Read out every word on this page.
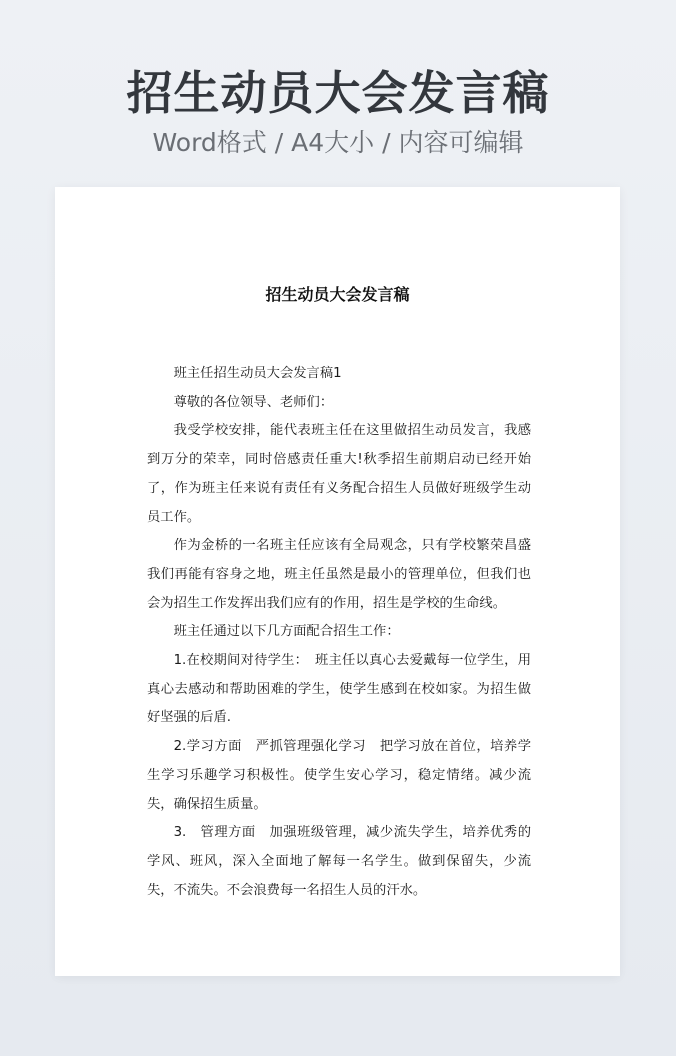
招生动员大会发言稿
Word格式 / A4大小 / 内容可编辑
招生动员大会发言稿

班主任招生动员大会发言稿1

尊敬的各位领导、老师们：

我受学校安排，能代表班主任在这里做招生动员发言，我感到万分的荣幸，同时倍感责任重大!秋季招生前期启动已经开始了，作为班主任来说有责任有义务配合招生人员做好班级学生动员工作。

作为金桥的一名班主任应该有全局观念，只有学校繁荣昌盛我们再能有容身之地，班主任虽然是最小的管理单位，但我们也会为招生工作发挥出我们应有的作用，招生是学校的生命线。

班主任通过以下几方面配合招生工作：

1.在校期间对待学生：　班主任以真心去爱戴每一位学生，用真心去感动和帮助困难的学生，使学生感到在校如家。为招生做好坚强的后盾.

2.学习方面　严抓管理强化学习　把学习放在首位，培养学生学习乐趣学习积极性。使学生安心学习，稳定情绪。减少流失，确保招生质量。

3.　管理方面　加强班级管理，减少流失学生，培养优秀的学风、班风，深入全面地了解每一名学生。做到保留失，少流失，不流失。不会浪费每一名招生人员的汗水。
